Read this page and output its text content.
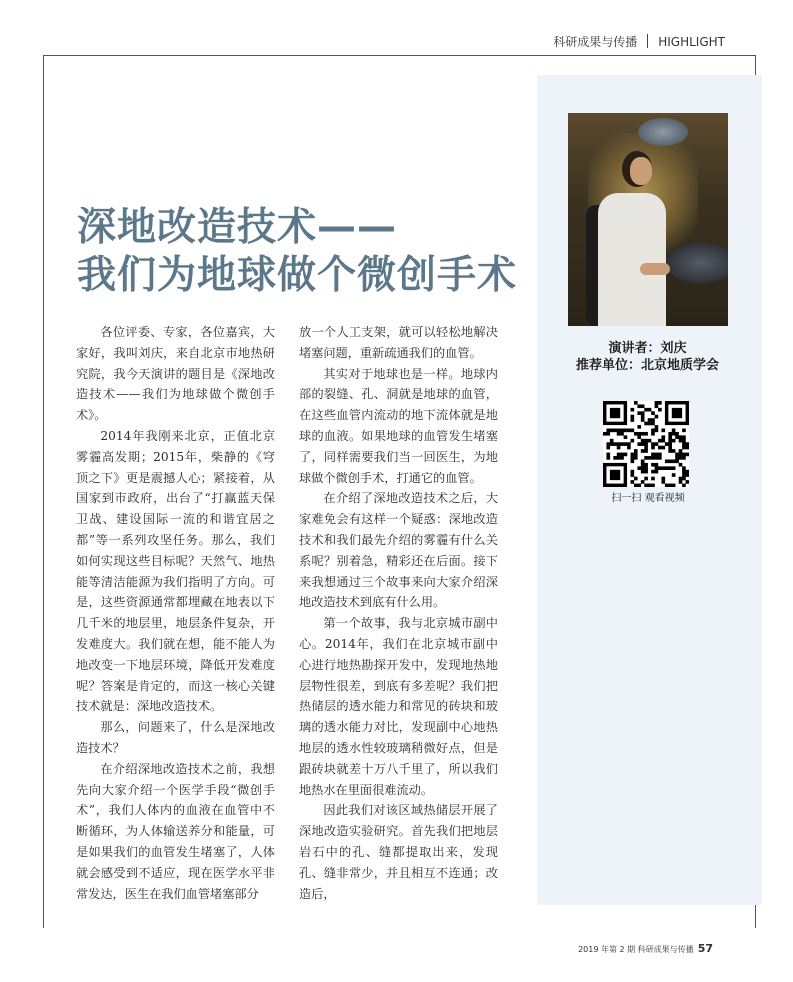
科研成果与传播 HIGHLIGHT
演讲者：刘庆
推荐单位：北京地质学会
扫一扫 观看视频
深地改造技术——
我们为地球做个微创手术

各位评委、专家，各位嘉宾，大家好，我叫刘庆，来自北京市地热研究院，我今天演讲的题目是《深地改造技术——我们为地球做个微创手术》。

2014年我刚来北京，正值北京雾霾高发期；2015年，柴静的《穹顶之下》更是震撼人心；紧接着，从国家到市政府，出台了“打赢蓝天保卫战、建设国际一流的和谐宜居之都”等一系列攻坚任务。那么，我们如何实现这些目标呢？天然气、地热能等清洁能源为我们指明了方向。可是，这些资源通常都埋藏在地表以下几千米的地层里，地层条件复杂，开发难度大。我们就在想，能不能人为地改变一下地层环境，降低开发难度呢？答案是肯定的，而这一核心关键技术就是：深地改造技术。

那么，问题来了，什么是深地改造技术？

在介绍深地改造技术之前，我想先向大家介绍一个医学手段“微创手术”，我们人体内的血液在血管中不断循环，为人体输送养分和能量，可是如果我们的血管发生堵塞了，人体就会感受到不适应，现在医学水平非常发达，医生在我们血管堵塞部分

放一个人工支架，就可以轻松地解决堵塞问题，重新疏通我们的血管。

其实对于地球也是一样。地球内部的裂缝、孔、洞就是地球的血管，在这些血管内流动的地下流体就是地球的血液。如果地球的血管发生堵塞了，同样需要我们当一回医生，为地球做个微创手术，打通它的血管。

在介绍了深地改造技术之后，大家难免会有这样一个疑惑：深地改造技术和我们最先介绍的雾霾有什么关系呢？别着急，精彩还在后面。接下来我想通过三个故事来向大家介绍深地改造技术到底有什么用。

第一个故事，我与北京城市副中心。2014年，我们在北京城市副中心进行地热勘探开发中，发现地热地层物性很差，到底有多差呢？我们把热储层的透水能力和常见的砖块和玻璃的透水能力对比，发现副中心地热地层的透水性较玻璃稍微好点，但是跟砖块就差十万八千里了，所以我们地热水在里面很难流动。

因此我们对该区域热储层开展了深地改造实验研究。首先我们把地层岩石中的孔、缝都提取出来，发现孔、缝非常少，并且相互不连通；改造后，

2019 年第 2 期 科研成果与传播 57
